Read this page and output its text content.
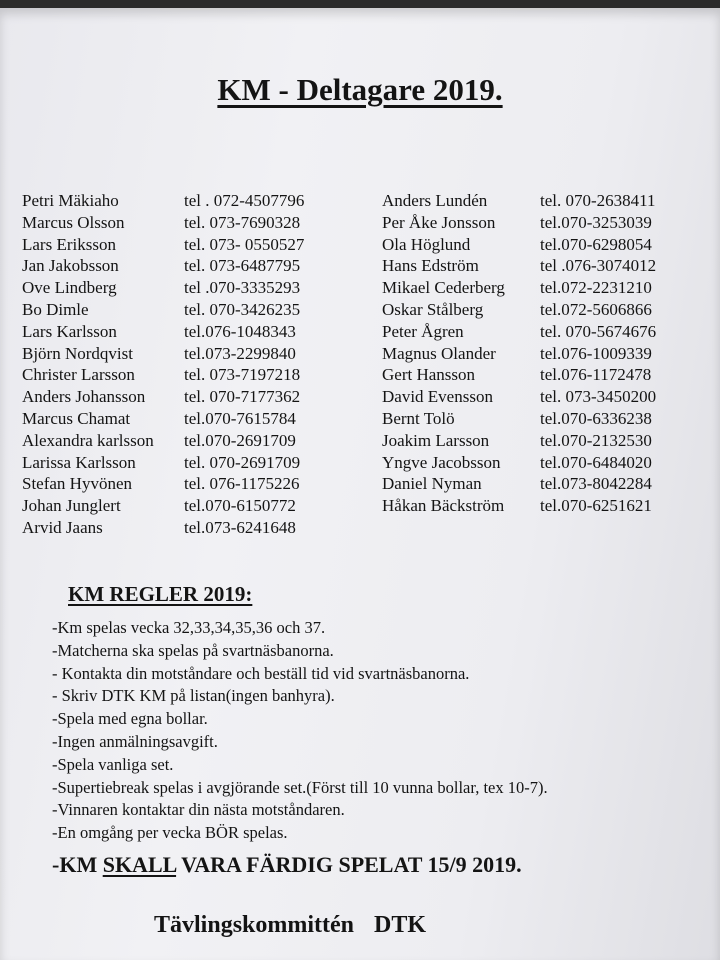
KM - Deltagare 2019.
Petri Mäkiaho	tel . 072-4507796
Marcus Olsson	tel. 073-7690328
Lars Eriksson	tel. 073- 0550527
Jan Jakobsson	tel. 073-6487795
Ove Lindberg	tel .070-3335293
Bo Dimle	tel. 070-3426235
Lars Karlsson	tel.076-1048343
Björn Nordqvist	tel.073-2299840
Christer Larsson	tel. 073-7197218
Anders Johansson tel. 070-7177362
Marcus Chamat	tel.070-7615784
Alexandra karlsson tel.070-2691709
Larissa Karlsson	tel. 070-2691709
Stefan Hyvönen	tel. 076-1175226
Johan Junglert	tel.070-6150772
Arvid Jaans	tel.073-6241648
Anders Lundén	tel. 070-2638411
Per Åke Jonsson	tel.070-3253039
Ola Höglund	tel.070-6298054
Hans Edström	tel .076-3074012
Mikael Cederberg tel.072-2231210
Oskar Stålberg	tel.072-5606866
Peter Ågren	tel. 070-5674676
Magnus Olander	tel.076-1009339
Gert Hansson	tel.076-1172478
David Evensson	tel. 073-3450200
Bernt Tolö	tel.070-6336238
Joakim Larsson	tel.070-2132530
Yngve Jacobsson tel.070-6484020
Daniel Nyman	tel.073-8042284
Håkan Bäckström tel.070-6251621
KM REGLER 2019:
-Km spelas vecka 32,33,34,35,36 och 37.
-Matcherna ska spelas på svartnäsbanorna.
- Kontakta din motståndare och beställ tid vid svartnäsbanorna.
- Skriv DTK KM på listan(ingen banhyra).
-Spela med egna bollar.
-Ingen anmälningsavgift.
-Spela vanliga set.
-Supertiebreak spelas i avgjörande set.(Först till 10 vunna bollar, tex 10-7).
-Vinnaren kontaktar din nästa motståndaren.
-En omgång per vecka BÖR spelas.

-KM SKALL VARA FÄRDIG SPELAT 15/9 2019.

Tävlingskommittén DTK
